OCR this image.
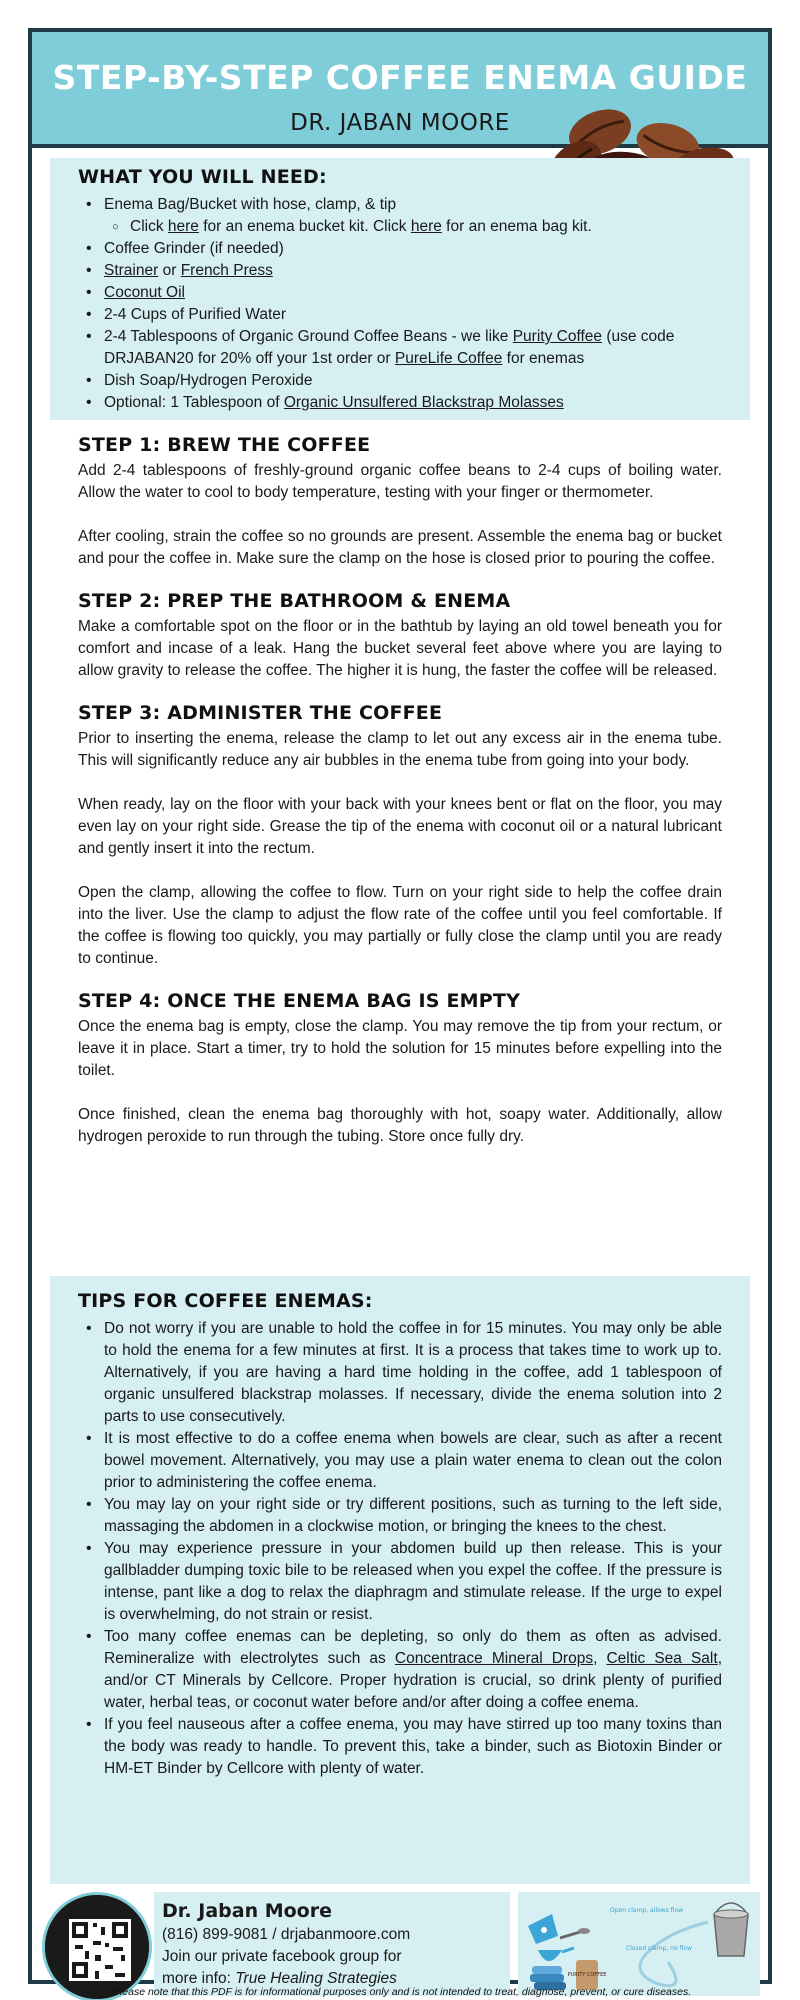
STEP-BY-STEP COFFEE ENEMA GUIDE
DR. JABAN MOORE
WHAT YOU WILL NEED:
• Enema Bag/Bucket with hose, clamp, & tip
○ Click here for an enema bucket kit. Click here for an enema bag kit.
• Coffee Grinder (if needed)
• Strainer or French Press
• Coconut Oil
• 2-4 Cups of Purified Water
• 2-4 Tablespoons of Organic Ground Coffee Beans - we like Purity Coffee (use code DRJABAN20 for 20% off your 1st order or PureLife Coffee for enemas
• Dish Soap/Hydrogen Peroxide
• Optional: 1 Tablespoon of Organic Unsulfered Blackstrap Molasses
STEP 1: BREW THE COFFEE

Add 2-4 tablespoons of freshly-ground organic coffee beans to 2-4 cups of boiling water. Allow the water to cool to body temperature, testing with your finger or thermometer.

After cooling, strain the coffee so no grounds are present. Assemble the enema bag or bucket and pour the coffee in. Make sure the clamp on the hose is closed prior to pouring the coffee.

STEP 2: PREP THE BATHROOM & ENEMA

Make a comfortable spot on the floor or in the bathtub by laying an old towel beneath you for comfort and incase of a leak. Hang the bucket several feet above where you are laying to allow gravity to release the coffee. The higher it is hung, the faster the coffee will be released.

STEP 3: ADMINISTER THE COFFEE

Prior to inserting the enema, release the clamp to let out any excess air in the enema tube. This will significantly reduce any air bubbles in the enema tube from going into your body.

When ready, lay on the floor with your back with your knees bent or flat on the floor, you may even lay on your right side. Grease the tip of the enema with coconut oil or a natural lubricant and gently insert it into the rectum.

Open the clamp, allowing the coffee to flow. Turn on your right side to help the coffee drain into the liver. Use the clamp to adjust the flow rate of the coffee until you feel comfortable. If the coffee is flowing too quickly, you may partially or fully close the clamp until you are ready to continue.

STEP 4: ONCE THE ENEMA BAG IS EMPTY

Once the enema bag is empty, close the clamp. You may remove the tip from your rectum, or leave it in place. Start a timer, try to hold the solution for 15 minutes before expelling into the toilet.

Once finished, clean the enema bag thoroughly with hot, soapy water. Additionally, allow hydrogen peroxide to run through the tubing. Store once fully dry.

TIPS FOR COFFEE ENEMAS:
• Do not worry if you are unable to hold the coffee in for 15 minutes. You may only be able to hold the enema for a few minutes at first. It is a process that takes time to work up to. Alternatively, if you are having a hard time holding in the coffee, add 1 tablespoon of organic unsulfered blackstrap molasses. If necessary, divide the enema solution into 2 parts to use consecutively.
• It is most effective to do a coffee enema when bowels are clear, such as after a recent bowel movement. Alternatively, you may use a plain water enema to clean out the colon prior to administering the coffee enema.
• You may lay on your right side or try different positions, such as turning to the left side, massaging the abdomen in a clockwise motion, or bringing the knees to the chest.
• You may experience pressure in your abdomen build up then release. This is your gallbladder dumping toxic bile to be released when you expel the coffee. If the pressure is intense, pant like a dog to relax the diaphragm and stimulate release. If the urge to expel is overwhelming, do not strain or resist.
• Too many coffee enemas can be depleting, so only do them as often as advised. Remineralize with electrolytes such as Concentrace Mineral Drops, Celtic Sea Salt, and/or CT Minerals by Cellcore. Proper hydration is crucial, so drink plenty of purified water, herbal teas, or coconut water before and/or after doing a coffee enema.
• If you feel nauseous after a coffee enema, you may have stirred up too many toxins than the body was ready to handle. To prevent this, take a binder, such as Biotoxin Binder or HM-ET Binder by Cellcore with plenty of water.
Dr. Jaban Moore
(816) 899-9081 / drjabanmoore.com
Join our private facebook group for
more info: True Healing Strategies	PURITY COFFEE
Open clamp, allows flow
Closed clamp, no flow
*Please note that this PDF is for informational purposes only and is not intended to treat, diagnose, prevent, or cure diseases.
